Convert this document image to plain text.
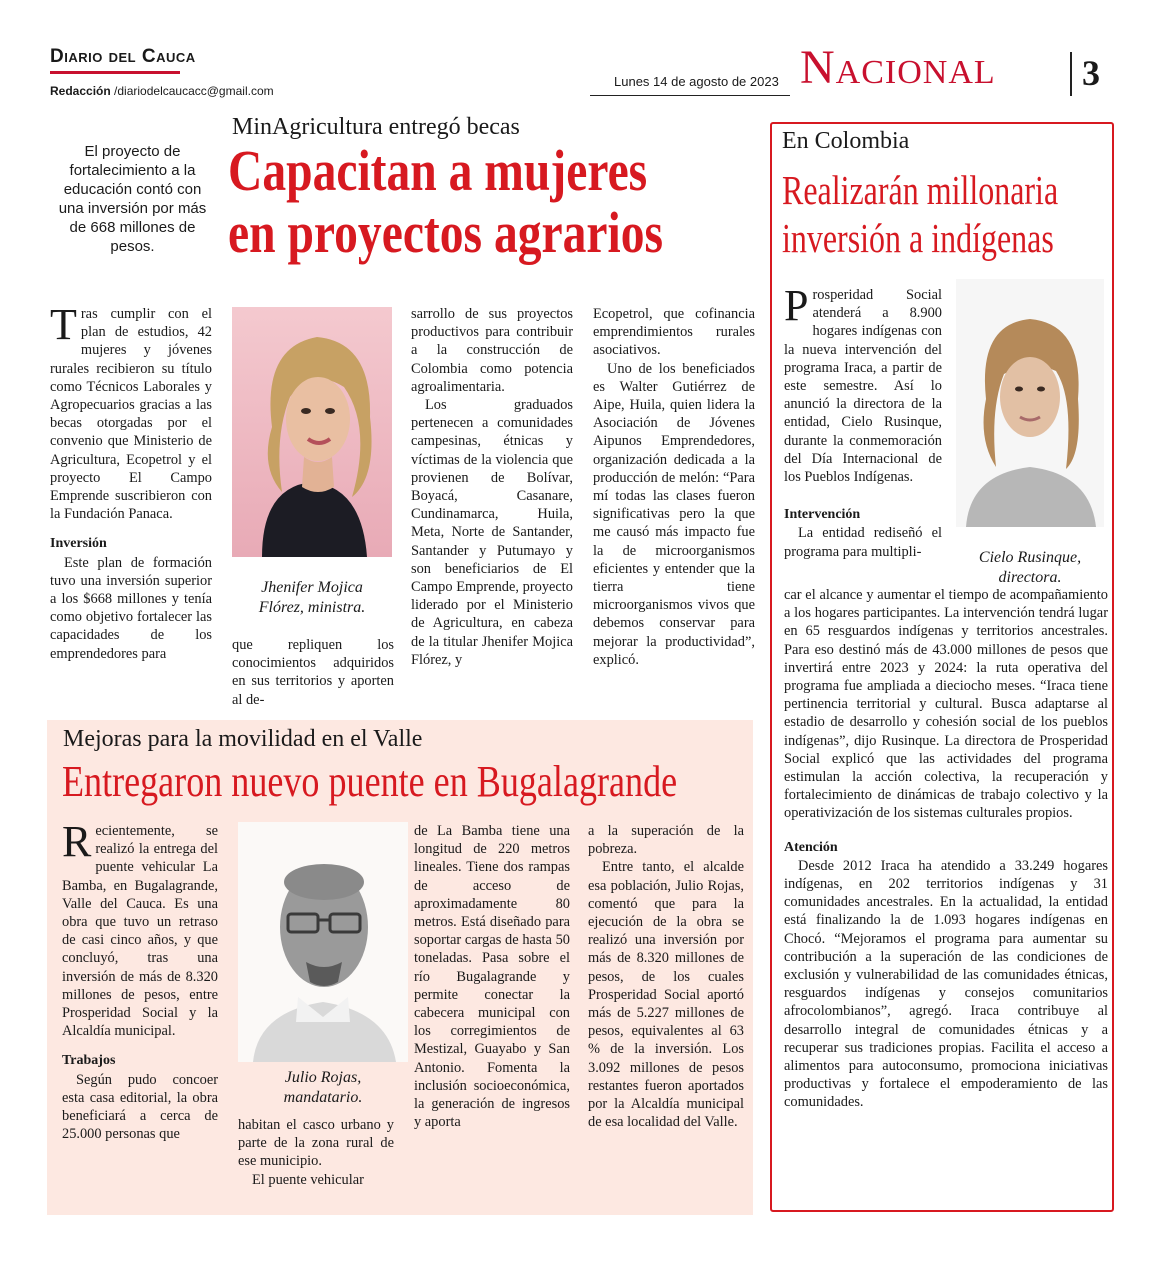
Diario del Cauca
Redacción /diariodelcaucacc@gmail.com
Lunes 14 de agosto de 2023 Nacional 3
El proyecto de fortalecimiento a la educación contó con una inversión por más de 668 millones de pesos.
MinAgricultura entregó becas
Capacitan a mujeres
en proyectos agrarios

Tras cumplir con el plan de estudios, 42 mujeres y jóvenes rurales recibieron su título como Técnicos Laborales y Agropecuarios gracias a las becas otorgadas por el convenio que Ministerio de Agricultura, Ecopetrol y el proyecto El Campo Emprende suscribieron con la Fundación Panaca.

Inversión

Este plan de formación tuvo una inversión superior a los $668 millones y tenía como objetivo fortalecer las capacidades de los emprendedores para

Jhenifer Mojica
Flórez, ministra.

que repliquen los conocimientos adquiridos en sus territorios y aporten al de-

sarrollo de sus proyectos productivos para contribuir a la construcción de Colombia como potencia agroalimentaria.

Los graduados pertenecen a comunidades campesinas, étnicas y víctimas de la violencia que provienen de Bolívar, Boyacá, Casanare, Cundinamarca, Huila, Meta, Norte de Santander, Santander y Putumayo y son beneficiarios de El Campo Emprende, proyecto liderado por el Ministerio de Agricultura, en cabeza de la titular Jhenifer Mojica Flórez, y

Ecopetrol, que cofinancia emprendimientos rurales asociativos.

Uno de los beneficiados es Walter Gutiérrez de Aipe, Huila, quien lidera la Asociación de Jóvenes Aipunos Emprendedores, organización dedicada a la producción de melón: “Para mí todas las clases fueron significativas pero la que me causó más impacto fue la de microorganismos eficientes y entender que la tierra tiene microorganismos vivos que debemos conservar para mejorar la productividad”, explicó.

Mejoras para la movilidad en el Valle
Entregaron nuevo puente en Bugalagrande

Recientemente, se realizó la entrega del puente vehicular La Bamba, en Bugalagrande, Valle del Cauca. Es una obra que tuvo un retraso de casi cinco años, y que concluyó, tras una inversión de más de 8.320 millones de pesos, entre Prosperidad Social y la Alcaldía municipal.

Trabajos

Según pudo concoer esta casa editorial, la obra beneficiará a cerca de 25.000 personas que

Julio Rojas,
mandatario.

habitan el casco urbano y parte de la zona rural de ese municipio.

El puente vehicular

de La Bamba tiene una longitud de 220 metros lineales. Tiene dos rampas de acceso de aproximadamente 80 metros. Está diseñado para soportar cargas de hasta 50 toneladas. Pasa sobre el río Bugalagrande y permite conectar la cabecera municipal con los corregimientos de Mestizal, Guayabo y San Antonio. Fomenta la inclusión socioeconómica, la generación de ingresos y aporta

a la superación de la pobreza.

Entre tanto, el alcalde esa población, Julio Rojas, comentó que para la ejecución de la obra se realizó una inversión por más de 8.320 millones de pesos, de los cuales Prosperidad Social aportó más de 5.227 millones de pesos, equivalentes al 63 % de la inversión. Los 3.092 millones de pesos restantes fueron aportados por la Alcaldía municipal de esa localidad del Valle.

En Colombia
Realizarán millonaria
inversión a indígenas

Prosperidad Social atenderá a 8.900 hogares indígenas con la nueva intervención del programa Iraca, a partir de este semestre. Así lo anunció la directora de la entidad, Cielo Rusinque, durante la conmemoración del Día Internacional de los Pueblos Indígenas.

Intervención

La entidad rediseñó el programa para multipli-	Cielo Rusinque,
directora.

car el alcance y aumentar el tiempo de acompañamiento a los hogares participantes. La intervención tendrá lugar en 65 resguardos indígenas y territorios ancestrales. Para eso destinó más de 43.000 millones de pesos que invertirá entre 2023 y 2024: la ruta operativa del programa fue ampliada a dieciocho meses. “Iraca tiene pertinencia territorial y cultural. Busca adaptarse al estadio de desarrollo y cohesión social de los pueblos indígenas”, dijo Rusinque. La directora de Prosperidad Social explicó que las actividades del programa estimulan la acción colectiva, la recuperación y fortalecimiento de dinámicas de trabajo colectivo y la operativización de los sistemas culturales propios.

Atención

Desde 2012 Iraca ha atendido a 33.249 hogares indígenas, en 202 territorios indígenas y 31 comunidades ancestrales. En la actualidad, la entidad está finalizando la de 1.093 hogares indígenas en Chocó. “Mejoramos el programa para aumentar su contribución a la superación de las condiciones de exclusión y vulnerabilidad de las comunidades étnicas, resguardos indígenas y consejos comunitarios afrocolombianos”, agregó. Iraca contribuye al desarrollo integral de comunidades étnicas y a recuperar sus tradiciones propias. Facilita el acceso a alimentos para autoconsumo, promociona iniciativas productivas y fortalece el empoderamiento de las comunidades.
